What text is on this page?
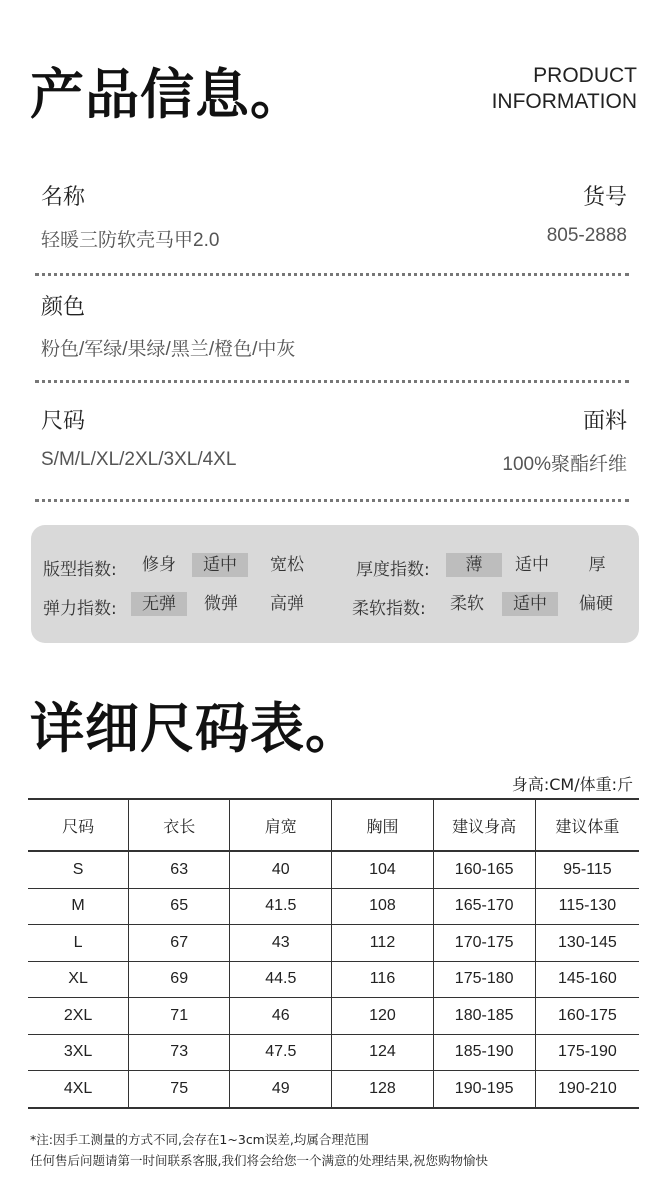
产品信息。	PRODUCT
INFORMATION
名称	货号
轻暖三防软壳马甲2.0	805-2888
颜色
粉色/军绿/果绿/黑兰/橙色/中灰
尺码	面料
S/M/L/XL/2XL/3XL/4XL	100%聚酯纤维
版型指数:	修身	适中	宽松	厚度指数:	薄	适中	厚
弹力指数:	无弹	微弹	高弹	柔软指数:	柔软	适中	偏硬
详细尺码表。
身高:CM/体重:斤
尺码	衣长	肩宽	胸围	建议身高	建议体重
S	63	40	104	160-165	95-115
M	65	41.5	108	165-170	115-130
L	67	43	112	170-175	130-145
XL	69	44.5	116	175-180	145-160
2XL	71	46	120	180-185	160-175
3XL	73	47.5	124	185-190	175-190
4XL	75	49	128	190-195	190-210
*注:因手工测量的方式不同,会存在1~3cm误差,均属合理范围
任何售后问题请第一时间联系客服,我们将会给您一个满意的处理结果,祝您购物愉快
